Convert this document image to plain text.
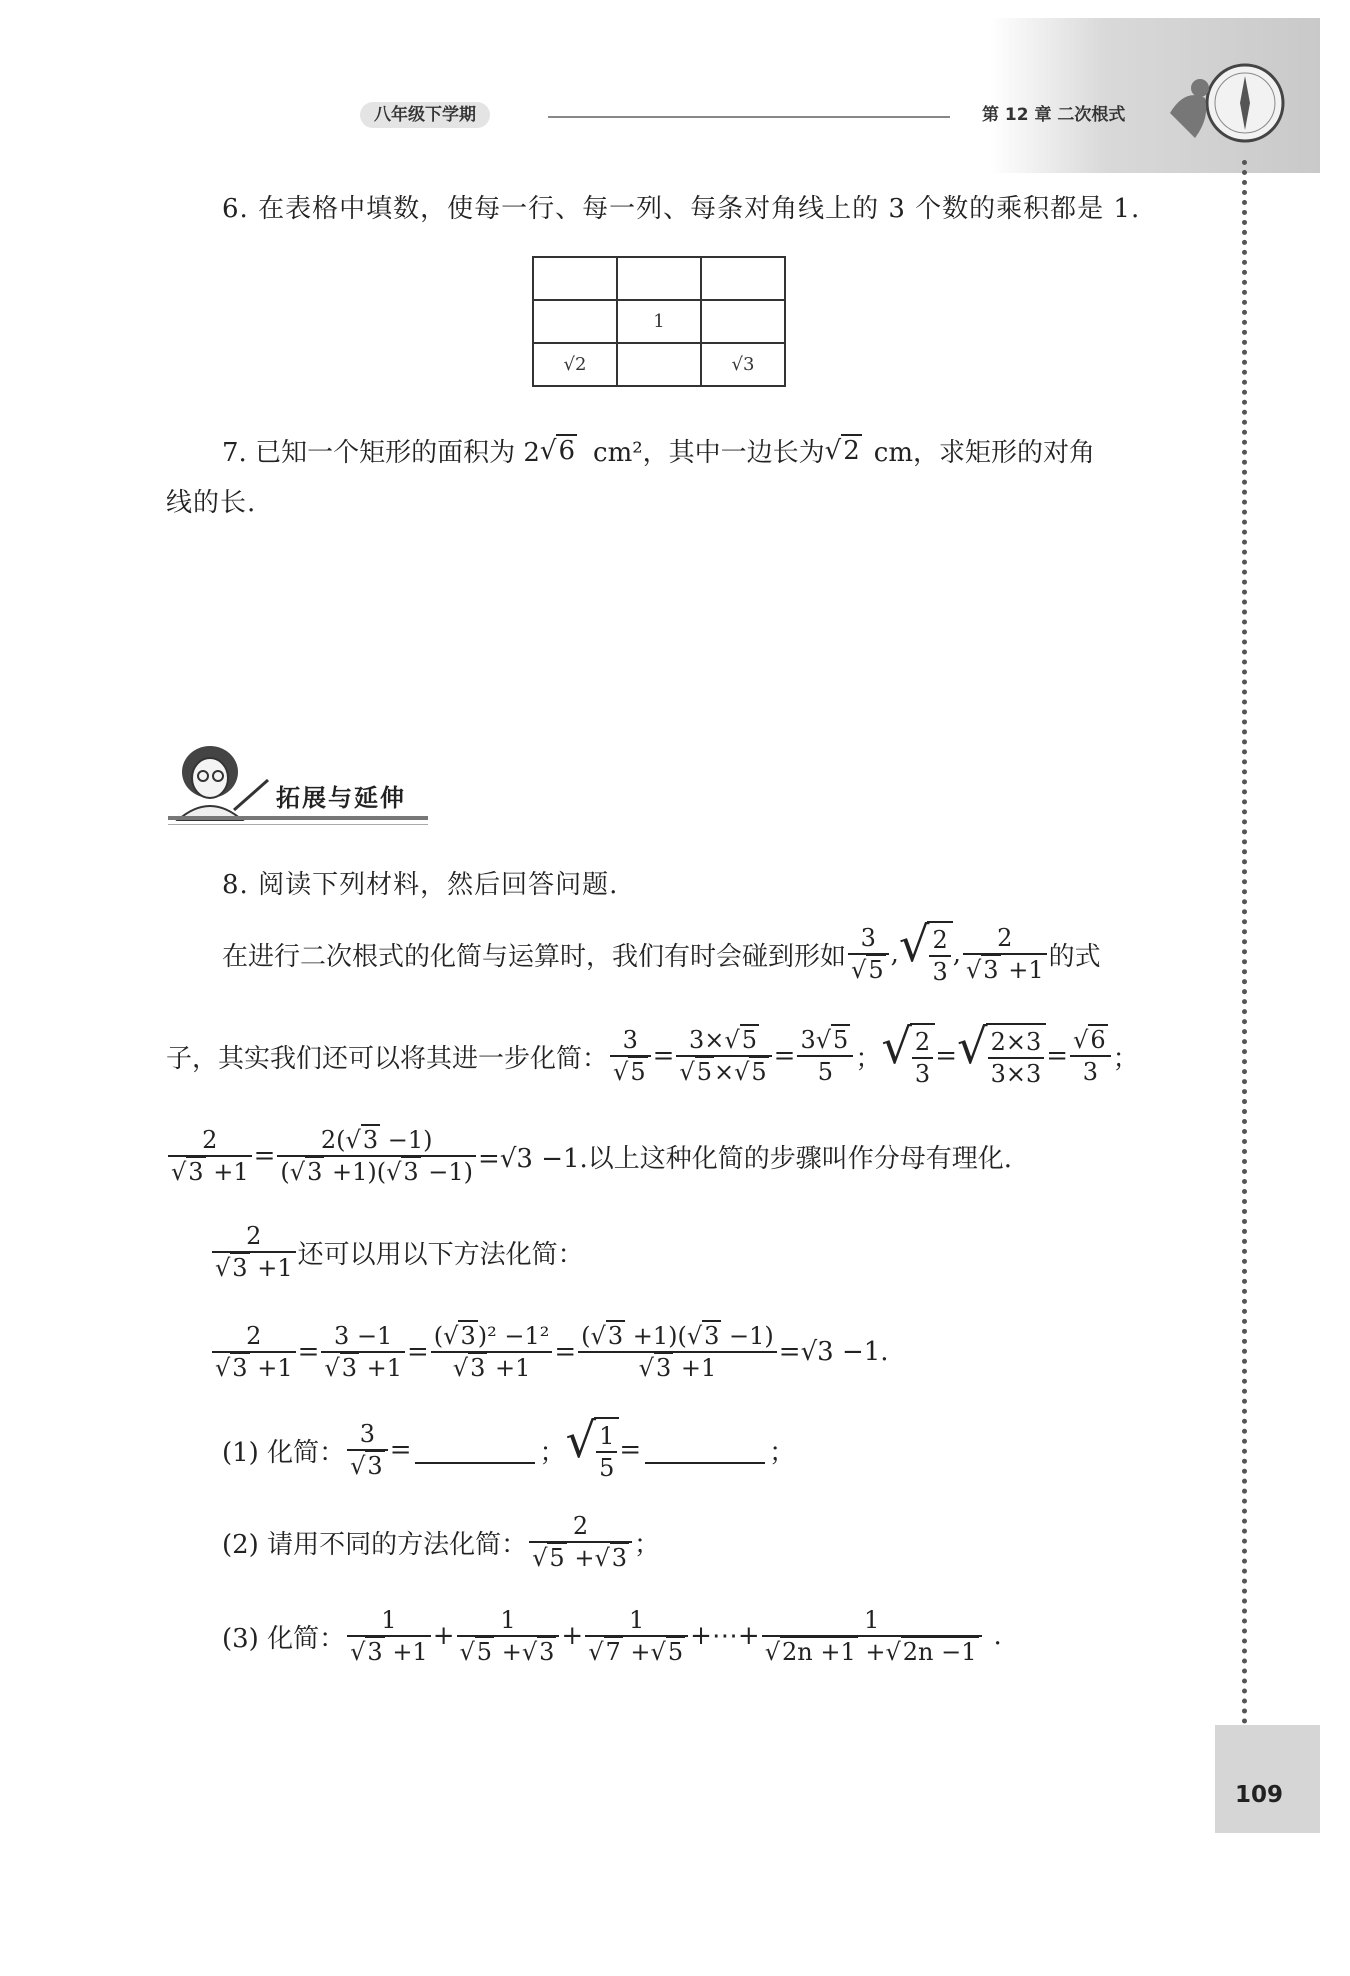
八年级下学期	第 12 章 二次根式
109
6. 在表格中填数，使每一行、每一列、每条对角线上的 3 个数的乘积都是 1.

	1	
√2		√3
7. 已知一个矩形的面积为 2 √6 cm²，其中一边长为 √2 cm，求矩形的对角
线的长.
拓展与延伸
8. 阅读下列材料，然后回答问题.
在进行二次根式的化简与运算时，我们有时会碰到形如 $\frac{3}{√5}$ , √ $\frac{2}{3}$ , $\frac{2}{√3 +1}$ 的式
子，其实我们还可以将其进一步化简： $\frac{3}{√5} = \frac{3\times√5}{√5\times√5} = \frac{3√5}{5}$ ； √ $\frac{2}{3}$ = √ $\frac{2\times 3}{3\times 3} = \frac{√6}{3}$ ；
$\frac{2}{√3 +1} = \frac{2(√3 -1)}{(√3 +1)(√3 -1)} =√3 -1$.以上这种化简的步骤叫作分母有理化.
$\frac{2}{√3 +1}$ 还可以用以下方法化简：
$\frac{2}{√3 +1} = \frac{3 -1}{√3 +1} = \frac{\text{(√3)² −1²}}{√3 +1} = \frac{(√3 +1)(√3 -1)}{√3 +1} =√3 -1$.
(1) 化简： $\frac{3}{√3}$ =	； √ $\frac{1}{5}$ =	；
(2) 请用不同的方法化简： $\frac{2}{√5 +√3}$ ；
(3) 化简： $\frac{1}{√3 +1} + \frac{1}{√5 +√3} + \frac{1}{√7 +√5}$ +⋯+ $\frac{1}{√2n +1 +√2n -1}$ .
